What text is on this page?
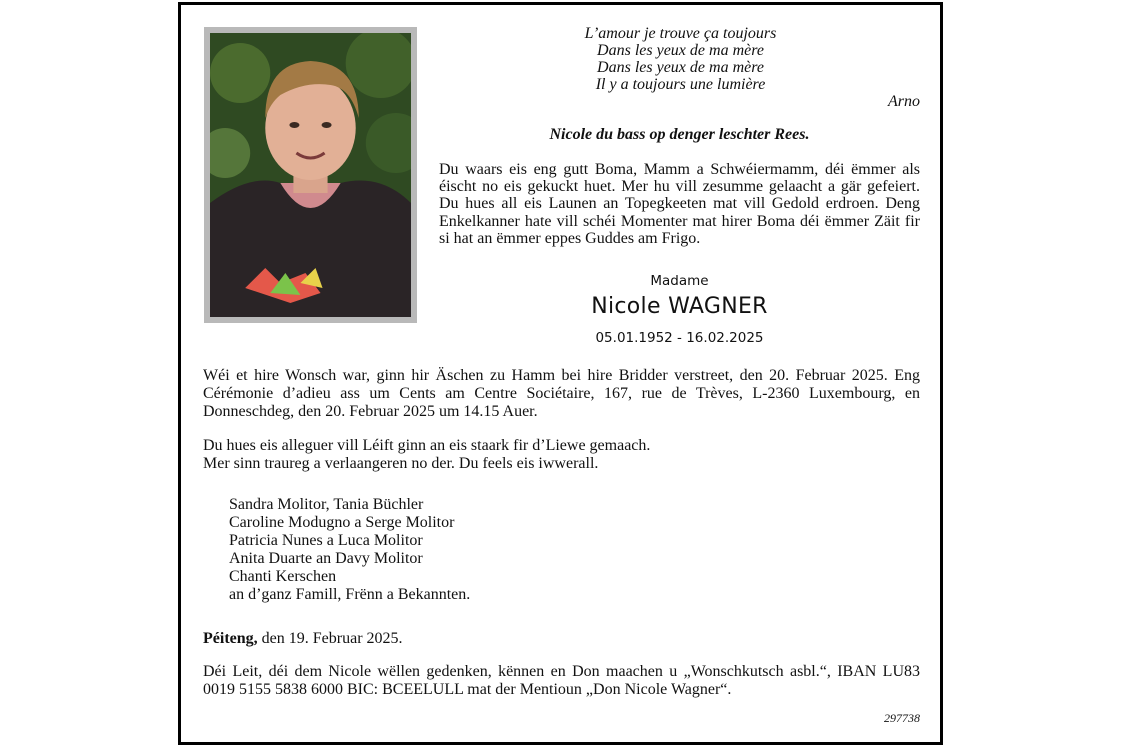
L’amour je trouve ça toujours
Dans les yeux de ma mère
Dans les yeux de ma mère
Il y a toujours une lumière
Arno
Nicole du bass op denger leschter Rees.
Du waars eis eng gutt Boma, Mamm a Schwéiermamm, déi ëmmer als éischt no eis gekuckt huet. Mer hu vill zesumme gelaacht a gär gefeiert. Du hues all eis Launen an Topegkeeten mat vill Gedold erdroen. Deng Enkelkanner hate vill schéi Momenter mat hirer Boma déi ëmmer Zäit fir si hat an ëmmer eppes Guddes am Frigo.
Madame
Nicole WAGNER
05.01.1952 - 16.02.2025
Wéi et hire Wonsch war, ginn hir Äschen zu Hamm bei hire Bridder verstreet, den 20. Februar 2025. Eng Cérémonie d’adieu ass um Cents am Centre Sociétaire, 167, rue de Trèves, L-2360 Luxembourg, en Donneschdeg, den 20. Februar 2025 um 14.15 Auer.
Du hues eis alleguer vill Léift ginn an eis staark fir d’Liewe gemaach.
Mer sinn traureg a verlaangeren no der. Du feels eis iwwerall.
Sandra Molitor, Tania Büchler
Caroline Modugno a Serge Molitor
Patricia Nunes a Luca Molitor
Anita Duarte an Davy Molitor
Chanti Kerschen
an d’ganz Famill, Frënn a Bekannten.
Péiteng, den 19. Februar 2025.
Déi Leit, déi dem Nicole wëllen gedenken, kënnen en Don maachen u „Wonschkutsch asbl.“, IBAN LU83 0019 5155 5838 6000 BIC: BCEELULL mat der Mentioun „Don Nicole Wagner“.
297738
